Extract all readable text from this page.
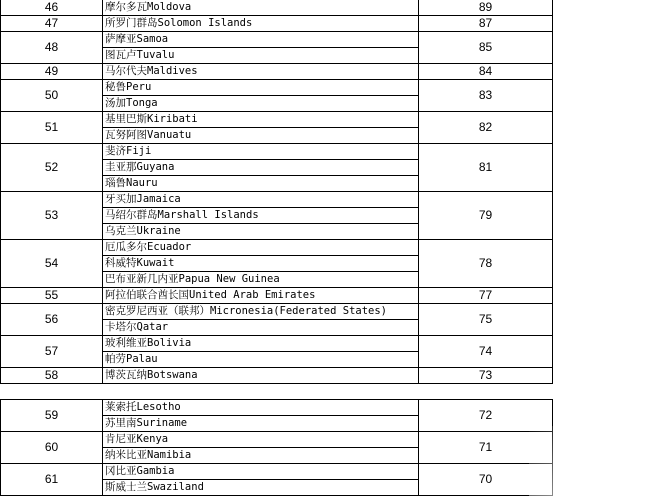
46	摩尔多瓦Moldova	89
47	所罗门群岛Solomon Islands	87
48	萨摩亚Samoa	85
	图瓦卢Tuvalu	
49	马尔代夫Maldives	84
50	秘鲁Peru	83
	汤加Tonga	
51	基里巴斯Kiribati	82
	瓦努阿图Vanuatu	
52	斐济Fiji	81
	圭亚那Guyana	
	瑙鲁Nauru	
53	牙买加Jamaica	79
	马绍尔群岛Marshall Islands	
	乌克兰Ukraine	
54	厄瓜多尔Ecuador	78
	科威特Kuwait	
	巴布亚新几内亚Papua New Guinea	
55	阿拉伯联合酋长国United Arab Emirates	77
56	密克罗尼西亚（联邦）Micronesia(Federated States)	75
	卡塔尔Qatar	
57	玻利维亚Bolivia	74
	帕劳Palau	
58	博茨瓦纳Botswana	73
59	莱索托Lesotho	72
	苏里南Suriname	
60	肯尼亚Kenya	71
	纳米比亚Namibia	
61	冈比亚Gambia	70
	斯威士兰Swaziland	
